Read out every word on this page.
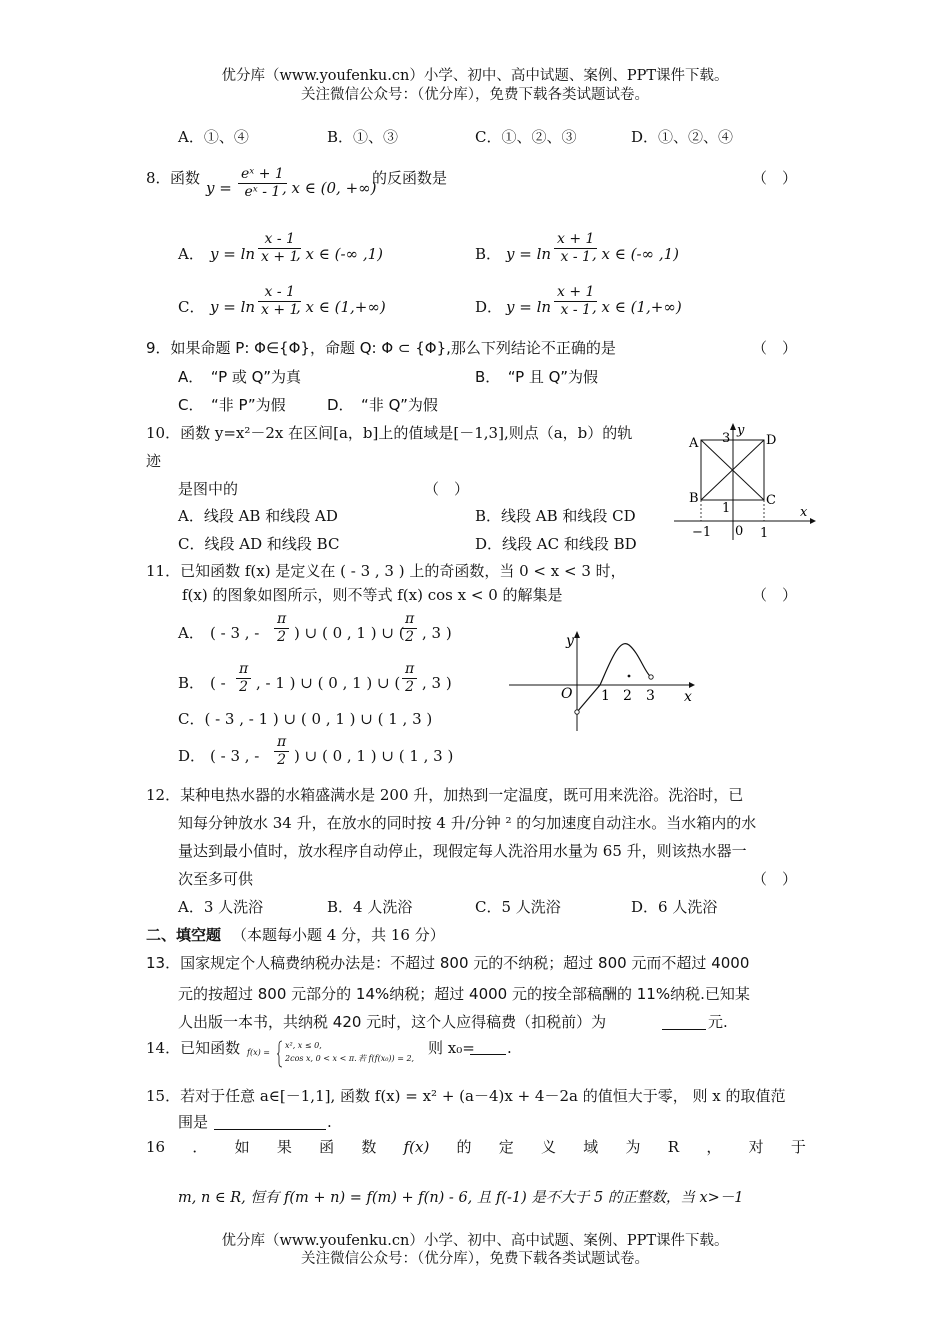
优分库（www.youfenku.cn）小学、初中、高中试题、案例、PPT课件下载。
关注微信公众号：（优分库），免费下载各类试题试卷。
A．①、④	B．①、③	C．①、②、③	D．①、②、④
8． 函数
$y = \frac{\text{eˣ + 1}}{\text{eˣ - 1}}$
, x ∈ (0, +∞)
的反函数是	（　）
A． $y = \ln \frac{x - 1}{x + 1}$
, x ∈ (-∞ ,1)	B． $y = \ln \frac{x + 1}{x - 1}$
, x ∈ (-∞ ,1)
C． $y = \ln \frac{x - 1}{x + 1}$
, x ∈ (1,+∞)	D． $y = \ln \frac{x + 1}{x - 1}$
, x ∈ (1,+∞)
9．如果命题 P: Φ∈{Φ}，命题 Q: Φ ⊂ {Φ},那么下列结论不正确的是	（　）
A．　“P 或 Q”为真	B．　“P 且 Q”为假
C．　“非 P”为假	D．　“非 Q”为假
10．函数 y=x²－2x 在区间[a，b]上的值域是[－1,3],则点（a，b）的轨
迹
是图中的	（　）
A．线段 AB 和线段 AD	B．线段 AB 和线段 CD
C．线段 AD 和线段 BC	D．线段 AC 和线段 BD
A
B	C
D
3
1
y
x
−1 0 1
11．已知函数 f(x) 是定义在 ( - 3 , 3 ) 上的奇函数，当 0 < x < 3 时，
f(x) 的图象如图所示，则不等式 f(x) cos x < 0 的解集是	（　）
A． ( - 3 , - $\frac{\pi}{2}$ ) ∪ ( 0 , 1 ) ∪ (
$\frac{\pi}{2}$ , 3 )
B． ( - $\frac{\pi}{2}$ , - 1 ) ∪ ( 0 , 1 ) ∪ ( $\frac{\pi}{2}$ , 3 )
C．( - 3 , - 1 ) ∪ ( 0 , 1 ) ∪ ( 1 , 3 )
D． ( - 3 , - $\frac{\pi}{2}$ ) ∪ ( 0 , 1 ) ∪ ( 1 , 3 )
y
x
O 1 2 3
12．某种电热水器的水箱盛满水是 200 升，加热到一定温度，既可用来洗浴。洗浴时，已
知每分钟放水 34 升，在放水的同时按 4 升/分钟 ² 的匀加速度自动注水。当水箱内的水
量达到最小值时，放水程序自动停止，现假定每人洗浴用水量为 65 升，则该热水器一
次至多可供	（　）
A．3 人洗浴	B．4 人洗浴	C．5 人洗浴	D．6 人洗浴
二、填空题 （本题每小题 4 分，共 16 分）
13．国家规定个人稿费纳税办法是：不超过 800 元的不纳税；超过 800 元而不超过 4000
元的按超过 800 元部分的 14%纳税；超过 4000 元的按全部稿酬的 11%纳税.已知某
人出版一本书，共纳税 420 元时，这个人应得稿费（扣税前）为	元.
14．已知函数 f(x) =
x², x ≤ 0,
2cos x, 0 < x < π. 若 f(f(x₀)) = 2,
则 x₀= .
15．若对于任意 a∈[－1,1], 函数 f(x) = x² + (a－4)x + 4－2a 的值恒大于零， 则 x 的取值范
围是	.
16 ． 如 果 函 数 f(x) 的 定 义 域 为 R ， 对 于
m, n ∈ R, 恒有 f(m + n) = f(m) + f(n) - 6, 且 f(-1) 是不大于 5 的正整数，当 x>－1
优分库（www.youfenku.cn）小学、初中、高中试题、案例、PPT课件下载。
关注微信公众号：（优分库），免费下载各类试题试卷。
